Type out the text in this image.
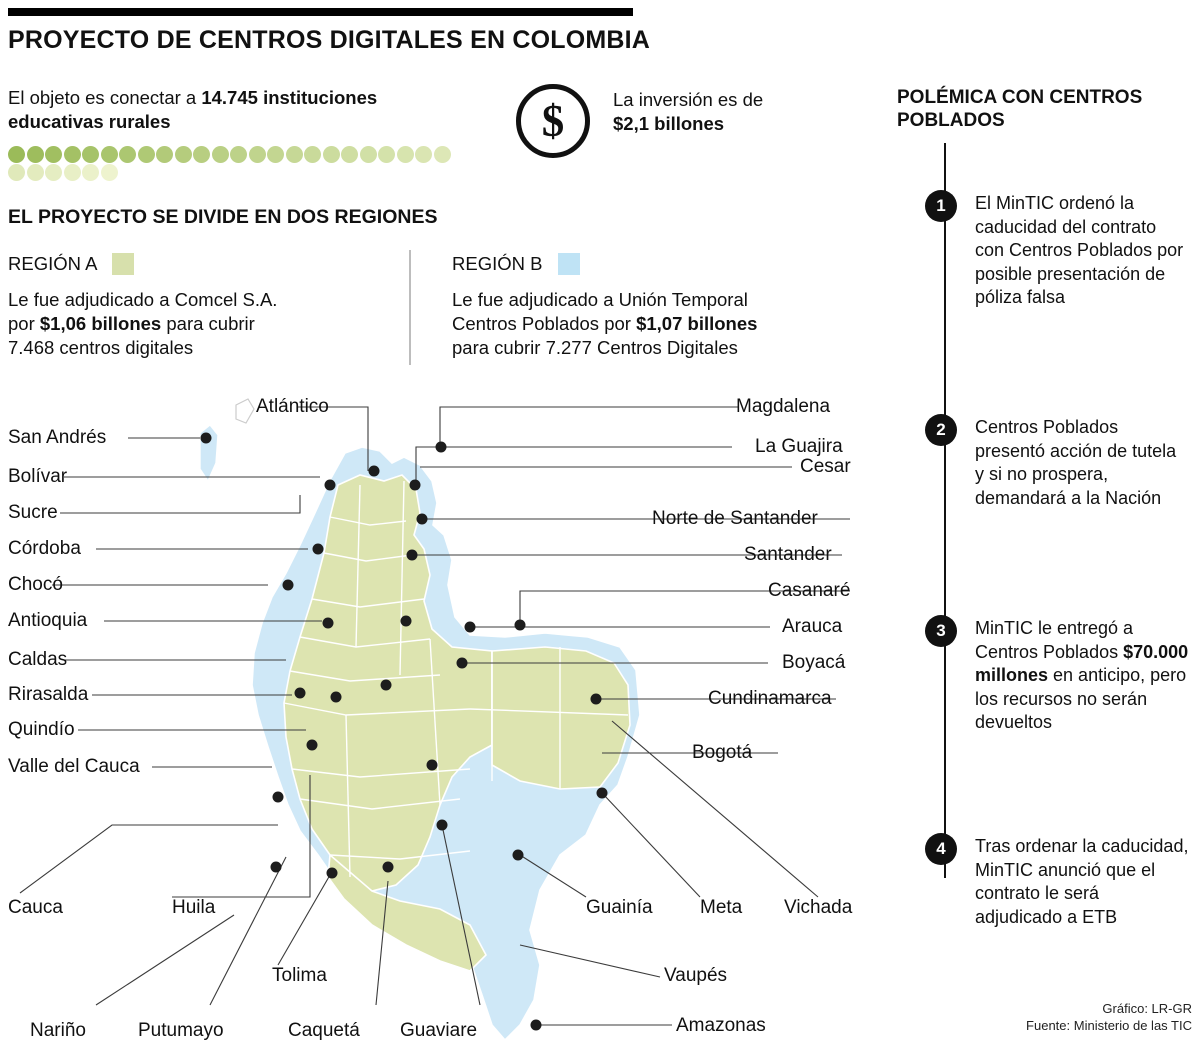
PROYECTO DE CENTROS DIGITALES EN COLOMBIA
El objeto es conectar a 14.745 instituciones educativas rurales	$	La inversión es de
$2,1 billones
EL PROYECTO SE DIVIDE EN DOS REGIONES
REGIÓN A
Le fue adjudicado a Comcel S.A.
por $1,06 billones para cubrir
7.468 centros digitales
REGIÓN B
Le fue adjudicado a Unión Temporal
Centros Poblados por $1,07 billones
para cubrir 7.277 Centros Digitales
POLÉMICA CON CENTROS POBLADOS
1	El MinTIC ordenó la caducidad del contrato con Centros Poblados por posible presentación de póliza falsa
2	Centros Poblados presentó acción de tutela y si no prospera, demandará a la Nación
3	MinTIC le entregó a Centros Poblados $70.000 millones en anticipo, pero los recursos no serán devueltos
4	Tras ordenar la caducidad, MinTIC anunció que el contrato le será adjudicado a ETB
Gráfico: LR-GR
Fuente: Ministerio de las TIC
San Andrés
Bolívar
Sucre
Córdoba
Chocó
Antioquia
Caldas
Rirasalda
Quindío
Valle del Cauca
Atlántico	Magdalena
La Guajira
Cesar
Norte de Santander
Santander
Casanaré
Arauca
Boyacá
Cundinamarca
Bogotá
Cauca	Huila
Tolima
Nariño	Putumayo	Caquetá Guaviare
Guainía Meta Vichada
Vaupés
Amazonas
